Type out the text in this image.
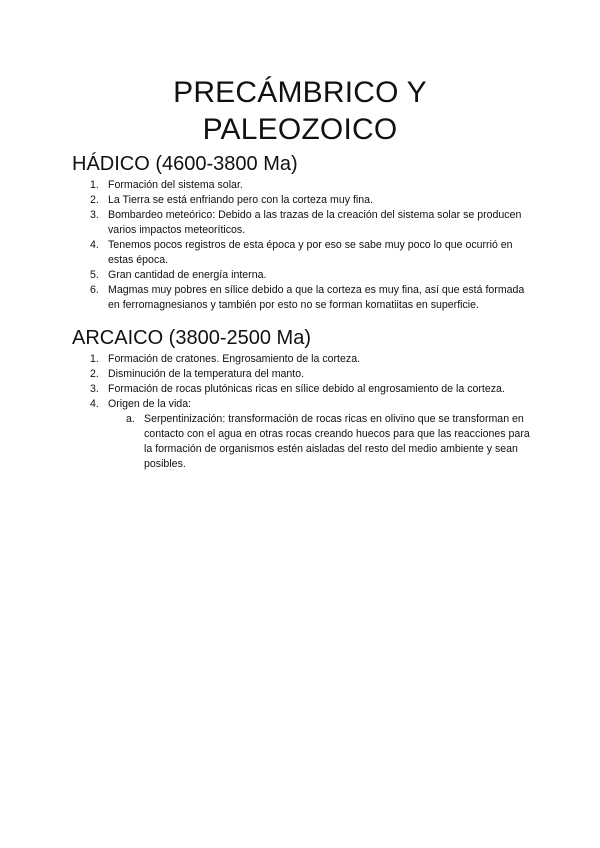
PRECÁMBRICO Y
PALEOZOICO
HÁDICO (4600-3800 Ma)
1. Formación del sistema solar.
2. La Tierra se está enfriando pero con la corteza muy fina.
3. Bombardeo meteórico: Debido a las trazas de la creación del sistema solar se producen varios impactos meteoríticos.
4. Tenemos pocos registros de esta época y por eso se sabe muy poco lo que ocurrió en estas época.
5. Gran cantidad de energía interna.
6. Magmas muy pobres en sílice debido a que la corteza es muy fina, así que está formada en ferromagnesianos y también por esto no se forman komatiitas en superficie.
ARCAICO (3800-2500 Ma)
1. Formación de cratones. Engrosamiento de la corteza.
2. Disminución de la temperatura del manto.
3. Formación de rocas plutónicas ricas en sílice debido al engrosamiento de la corteza.
4. Origen de la vida:
a. Serpentinización: transformación de rocas ricas en olivino que se transforman en contacto con el agua en otras rocas creando huecos para que las reacciones para la formación de organismos estén aisladas del resto del medio ambiente y sean posibles.
